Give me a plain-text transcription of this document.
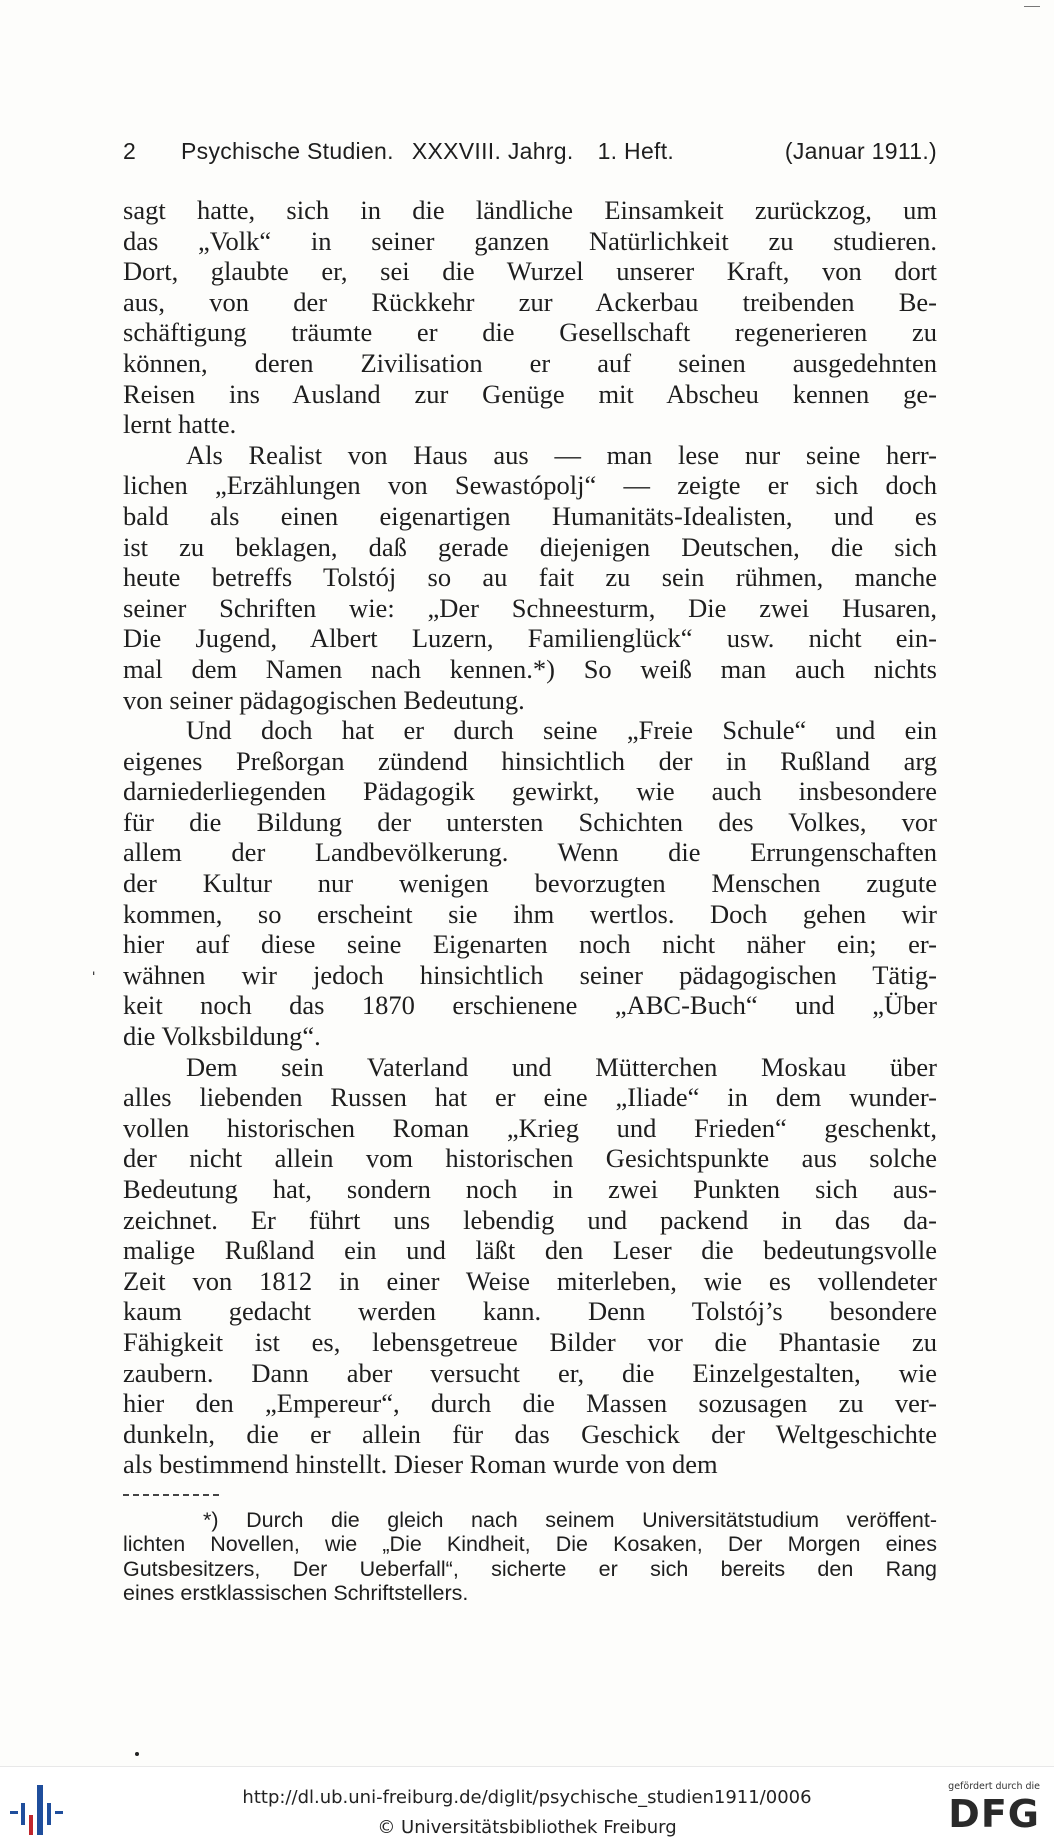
2	Psychische Studien. XXXVIII. Jahrg. 1. Heft.	(Januar 1911.)

sagt hatte, sich in die ländliche Einsamkeit zurückzog, um

das „Volk“ in seiner ganzen Natürlichkeit zu studieren.

Dort, glaubte er, sei die Wurzel unserer Kraft, von dort

aus, von der Rückkehr zur Ackerbau treibenden Be-

schäftigung träumte er die Gesellschaft regenerieren zu

können, deren Zivilisation er auf seinen ausgedehnten

Reisen ins Ausland zur Genüge mit Abscheu kennen ge-

lernt hatte.

Als Realist von Haus aus — man lese nur seine herr-

lichen „Erzählungen von Sewastópolj“ — zeigte er sich doch

bald als einen eigenartigen Humanitäts-Idealisten, und es

ist zu beklagen, daß gerade diejenigen Deutschen, die sich

heute betreffs Tolstój so au fait zu sein rühmen, manche

seiner Schriften wie: „Der Schneesturm, Die zwei Husaren,

Die Jugend, Albert Luzern, Familienglück“ usw. nicht ein-

mal dem Namen nach kennen.*) So weiß man auch nichts

von seiner pädagogischen Bedeutung.

Und doch hat er durch seine „Freie Schule“ und ein

eigenes Preßorgan zündend hinsichtlich der in Rußland arg

darniederliegenden Pädagogik gewirkt, wie auch insbesondere

für die Bildung der untersten Schichten des Volkes, vor

allem der Landbevölkerung. Wenn die Errungenschaften

der Kultur nur wenigen bevorzugten Menschen zugute

kommen, so erscheint sie ihm wertlos. Doch gehen wir

hier auf diese seine Eigenarten noch nicht näher ein; er-

wähnen wir jedoch hinsichtlich seiner pädagogischen Tätig-

keit noch das 1870 erschienene „ABC-Buch“ und „Über

die Volksbildung“.

Dem sein Vaterland und Mütterchen Moskau über

alles liebenden Russen hat er eine „Iliade“ in dem wunder-

vollen historischen Roman „Krieg und Frieden“ geschenkt,

der nicht allein vom historischen Gesichtspunkte aus solche

Bedeutung hat, sondern noch in zwei Punkten sich aus-

zeichnet. Er führt uns lebendig und packend in das da-

malige Rußland ein und läßt den Leser die bedeutungsvolle

Zeit von 1812 in einer Weise miterleben, wie es vollendeter

kaum gedacht werden kann. Denn Tolstój’s besondere

Fähigkeit ist es, lebensgetreue Bilder vor die Phantasie zu

zaubern. Dann aber versucht er, die Einzelgestalten, wie

hier den „Empereur“, durch die Massen sozusagen zu ver-

dunkeln, die er allein für das Geschick der Weltgeschichte

als bestimmend hinstellt. Dieser Roman wurde von dem

ˌ

*) Durch die gleich nach seinem Universitätstudium veröffent-

lichten Novellen, wie „Die Kindheit, Die Kosaken, Der Morgen eines

Gutsbesitzers, Der Ueberfall“, sicherte er sich bereits den Rang

eines erstklassischen Schriftstellers.

http://dl.ub.uni-freiburg.de/diglit/psychische_studien1911/0006
© Universitätsbibliothek Freiburg
gefördert durch die
DFG
